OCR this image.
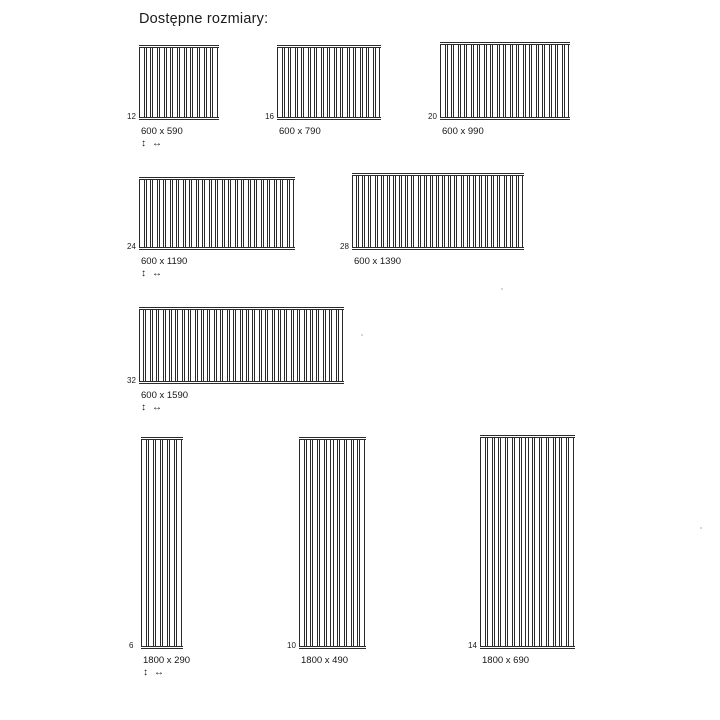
Dostępne rozmiary:
12
600 x 590
↕↔
16
600 x 790
20
600 x 990
24
600 x 1190
↕↔
28
600 x 1390
32
600 x 1590
↕↔
6
1800 x 290
↕↔
10
1800 x 490
14
1800 x 690
